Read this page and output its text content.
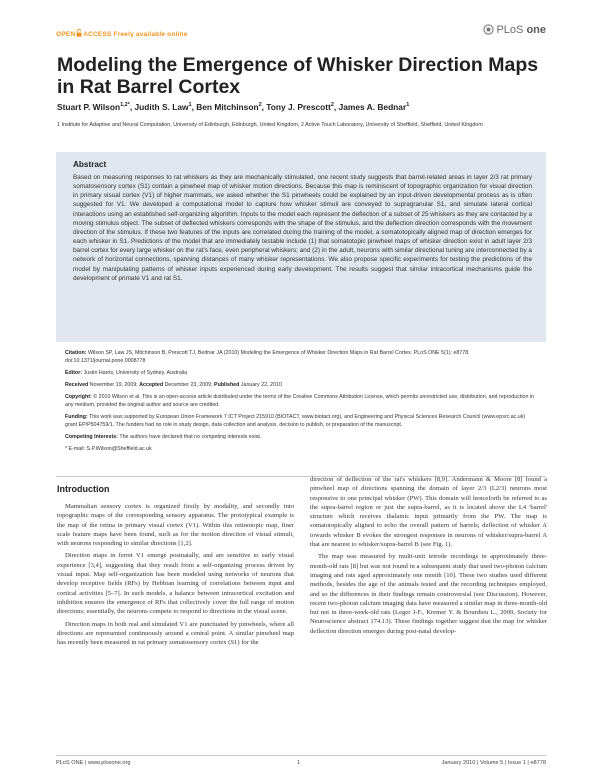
OPEN ACCESS Freely available online	PLoS one
Modeling the Emergence of Whisker Direction Maps in Rat Barrel Cortex
Stuart P. Wilson$^{1,2*}$, Judith S. Law$^1$, Ben Mitchinson$^2$, Tony J. Prescott$^2$, James A. Bednar$^1$
1 Institute for Adaptive and Neural Computation, University of Edinburgh, Edinburgh, United Kingdom, 2 Active Touch Laboratory, University of Sheffield, Sheffield, United Kingdom
Abstract

Based on measuring responses to rat whiskers as they are mechanically stimulated, one recent study suggests that barrel-related areas in layer 2/3 rat primary somatosensory cortex (S1) contain a pinwheel map of whisker motion directions. Because this map is reminiscent of topographic organization for visual direction in primary visual cortex (V1) of higher mammals, we asked whether the S1 pinwheels could be explained by an input-driven developmental process as is often suggested for V1. We developed a computational model to capture how whisker stimuli are conveyed to supragranular S1, and simulate lateral cortical interactions using an established self-organizing algorithm. Inputs to the model each represent the deflection of a subset of 25 whiskers as they are contacted by a moving stimulus object. The subset of deflected whiskers corresponds with the shape of the stimulus, and the deflection direction corresponds with the movement direction of the stimulus. If these two features of the inputs are correlated during the training of the model, a somatotopically aligned map of direction emerges for each whisker in S1. Predictions of the model that are immediately testable include (1) that somatotopic pinwheel maps of whisker direction exist in adult layer 2/3 barrel cortex for every large whisker on the rat's face, even peripheral whiskers; and (2) in the adult, neurons with similar directional tuning are interconnected by a network of horizontal connections, spanning distances of many whisker representations. We also propose specific experiments for testing the predictions of the model by manipulating patterns of whisker inputs experienced during early development. The results suggest that similar intracortical mechanisms guide the development of primate V1 and rat S1.

Citation: Wilson SP, Law JS, Mitchinson B, Prescott TJ, Bednar JA (2010) Modeling the Emergence of Whisker Direction Maps in Rat Barrel Cortex. PLoS ONE 5(1): e8778. doi:10.1371/journal.pone.0008778

Editor: Justin Harris, University of Sydney, Australia

Received November 19, 2009; Accepted December 23, 2009; Published January 22, 2010

Copyright: © 2010 Wilson et al. This is an open-access article distributed under the terms of the Creative Commons Attribution License, which permits unrestricted use, distribution, and reproduction in any medium, provided the original author and source are credited.

Funding: This work was supported by European Union Framework 7 ICT Project 215910 (BIOTACT, www.biotact.org), and Engineering and Physical Sciences Research Council (www.epsrc.ac.uk) grant EP/P504759/1. The funders had no role in study design, data collection and analysis, decision to publish, or preparation of the manuscript.

Competing Interests: The authors have declared that no competing interests exist.

* E-mail: S.P.Wilson@Sheffield.ac.uk

Introduction

Mammalian sensory cortex is organized firstly by modality, and secondly into topographic maps of the corresponding sensory apparatus. The prototypical example is the map of the retina in primary visual cortex (V1). Within this retinotopic map, finer scale feature maps have been found, such as for the motion direction of visual stimuli, with neurons responding to similar directions [1,2].

Direction maps in ferret V1 emerge postnatally, and are sensitive to early visual experience [3,4], suggesting that they result from a self-organizing process driven by visual input. Map self-organization has been modeled using networks of neurons that develop receptive fields (RFs) by Hebbian learning of correlations between input and cortical activities [5–7]. In such models, a balance between intracortical excitation and inhibition ensures the emergence of RFs that collectively cover the full range of motion directions; essentially, the neurons compete to respond to directions in the visual scene.

Direction maps in both real and simulated V1 are punctuated by pinwheels, where all directions are represented continuously around a central point. A similar pinwheel map has recently been measured in rat primary somatosensory cortex (S1) for the

direction of deflection of the rat's whiskers [8,9]. Andermann & Moore [8] found a pinwheel map of directions spanning the domain of layer 2/3 (L2/3) neurons most responsive to one principal whisker (PW). This domain will henceforth be referred to as the supra-barrel region or just the supra-barrel, as it is located above the L4 'barrel' structure which receives thalamic input primarily from the PW. The map is somatotopically aligned to echo the overall pattern of barrels; deflection of whisker A towards whisker B evokes the strongest responses in neurons of whisker/supra-barrel A that are nearest to whisker/supra-barrel B (see Fig. 1).

The map was measured by multi-unit tetrode recordings in approximately three-month-old rats [8] but was not found in a subsequent study that used two-photon calcium imaging and rats aged approximately one month [10]. These two studies used different methods, besides the age of the animals tested and the recording techniques employed, and so the differences in their findings remain controversial (see Discussion). However, recent two-photon calcium imaging data have measured a similar map in three-month-old but not in three-week-old rats (Leger J-F., Kremer Y. & Bourdieu L., 2009, Society for Neuroscience abstract 174.13). These findings together suggest that the map for whisker deflection direction emerges during post-natal develop-

PLoS ONE | www.plosone.org	1	January 2010 | Volume 5 | Issue 1 | e8778
